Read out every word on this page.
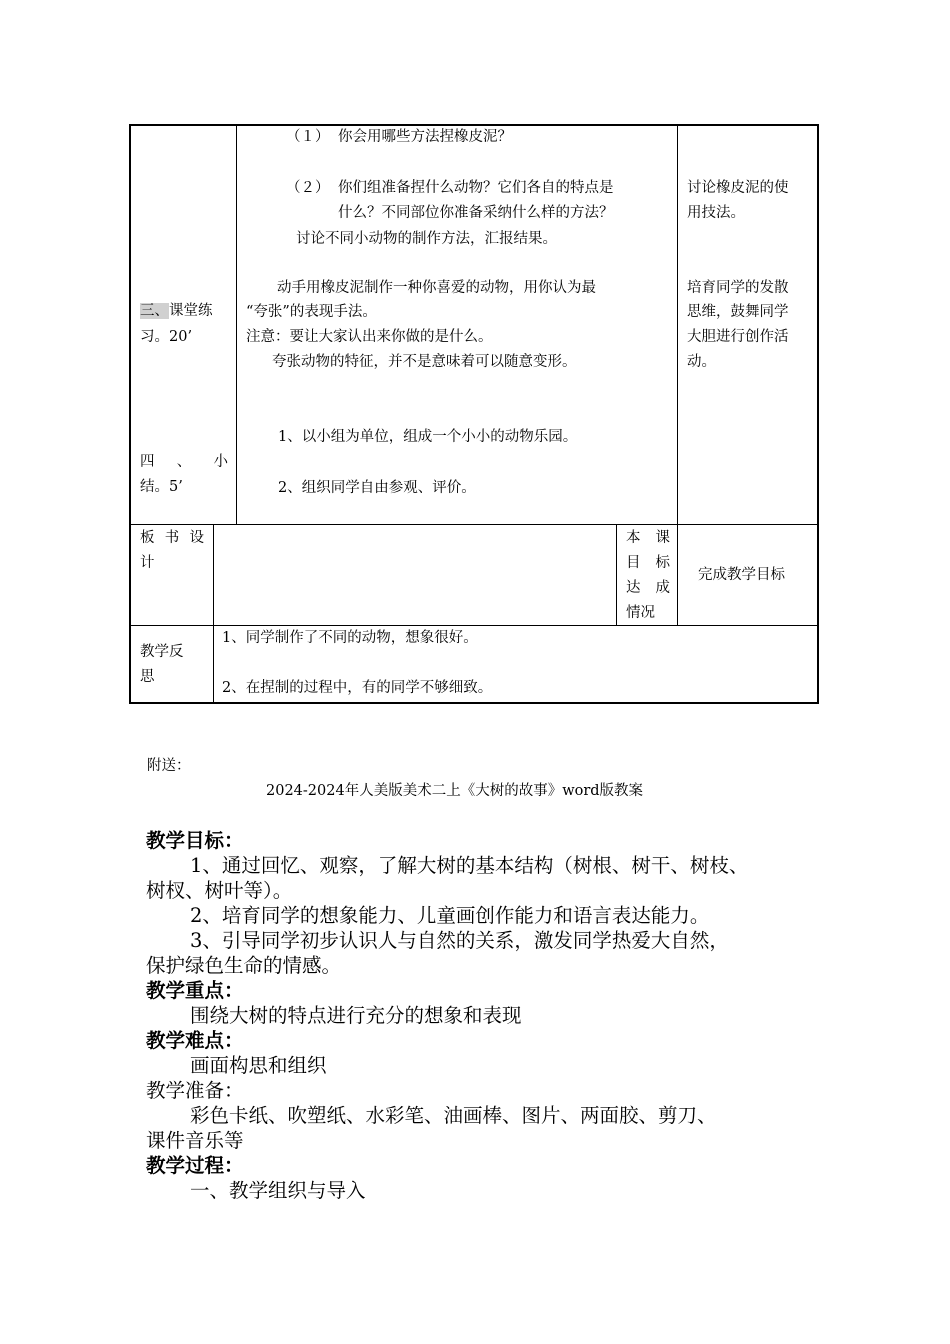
三、课堂练
习。20’
四 、 小
结。5’
（１） 你会用哪些方法捏橡皮泥？
（２） 你们组准备捏什么动物？它们各自的特点是
什么？不同部位你准备采纳什么样的方法？
讨论不同小动物的制作方法，汇报结果。
动手用橡皮泥制作一种你喜爱的动物，用你认为最
“夸张”的表现手法。
注意：要让大家认出来你做的是什么。
夸张动物的特征，并不是意味着可以随意变形。
1、以小组为单位，组成一个小小的动物乐园。
2、组织同学自由参观、评价。
讨论橡皮泥的使
用技法。
培育同学的发散
思维，鼓舞同学
大胆进行创作活
动。
板 书 设
计
本 课
目 标
达 成
情况
完成教学目标
教学反
思
1、同学制作了不同的动物，想象很好。
2、在捏制的过程中，有的同学不够细致。
附送：
2024-2024年人美版美术二上《大树的故事》word版教案
教学目标：
1、通过回忆、观察，了解大树的基本结构（树根、树干、树枝、
树杈、树叶等）。
2、培育同学的想象能力、儿童画创作能力和语言表达能力。
3、引导同学初步认识人与自然的关系，激发同学热爱大自然，
保护绿色生命的情感。
教学重点：
围绕大树的特点进行充分的想象和表现
教学难点：
画面构思和组织
教学准备：
彩色卡纸、吹塑纸、水彩笔、油画棒、图片、两面胶、剪刀、
课件音乐等
教学过程：
一、教学组织与导入
